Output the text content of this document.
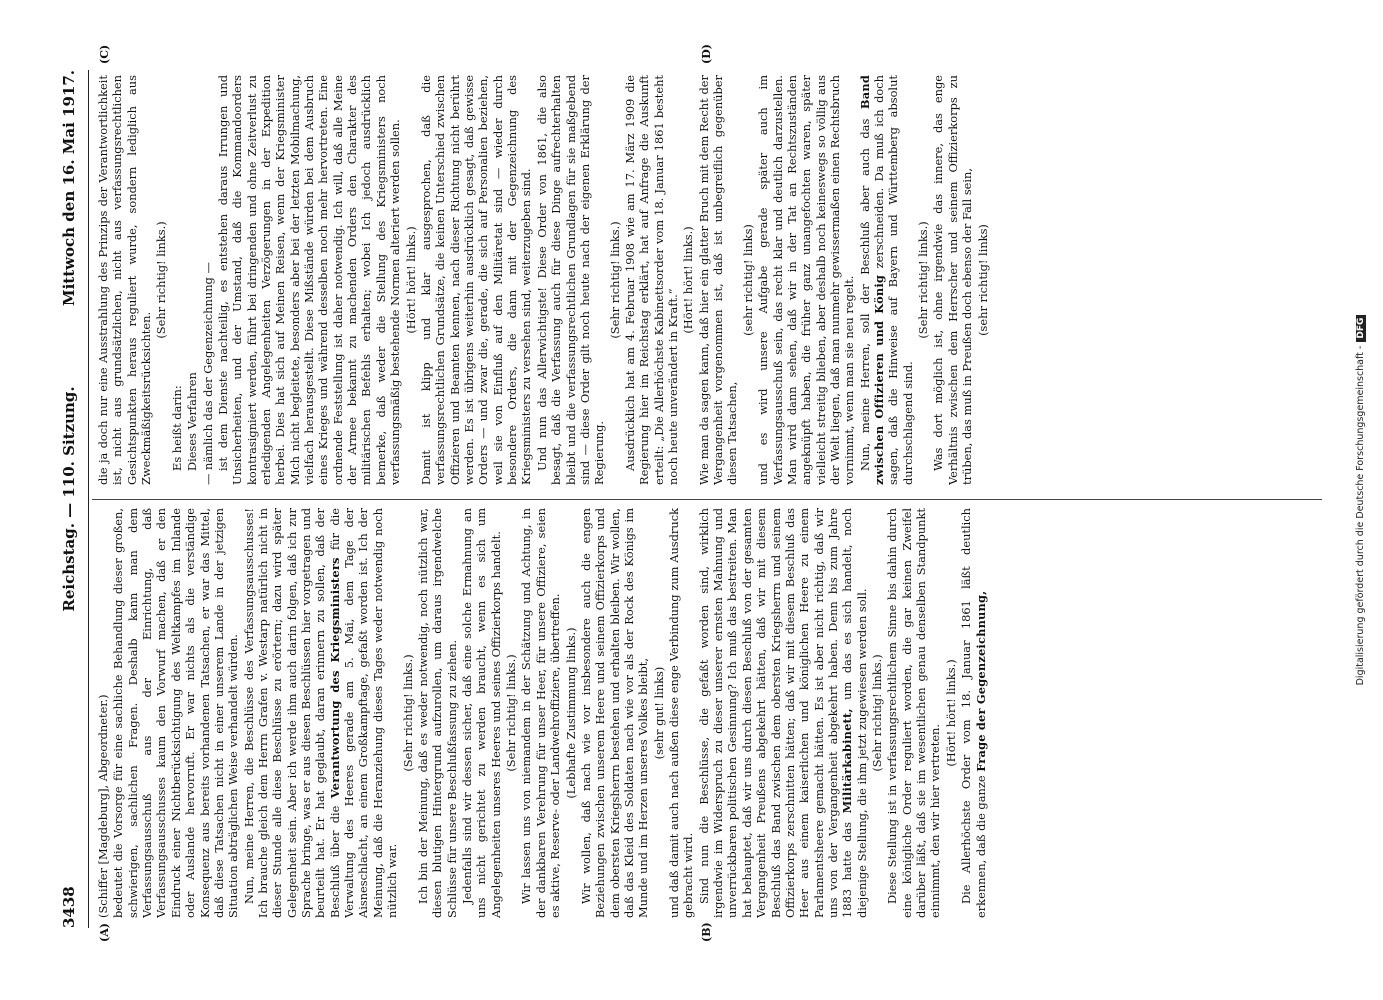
3438
Reichstag. — 110. Sitzung.
Mittwoch den 16. Mai 1917.
(A)	(B)
(C)	(D)

(Schiffer [Magdeburg], Abgeordneter.) bedeutet die Vorsorge für eine sachliche Behandlung dieser großen, schwierigen, sachlichen Fragen. Deshalb kann man dem Verfassungsausschuß aus der Einrichtung, daß Verfassungsausschusses kaum den Vorwurf machen, daß er den Eindruck einer Nichtberücksichtigung des Weltkampfes im Inlande oder Auslande hervorruft. Er war nichts als die verständige Konsequenz aus bereits vorhandenen Tatsachen, er war das Mittel, daß diese Tatsachen nicht in einer unserem Lande in der jetzigen Situation abträglichen Weise verhandelt würden. Nun, meine Herren, die Beschlüsse des Verfassungsausschusses! Ich brauche gleich dem Herrn Grafen v. Westarp natürlich nicht in dieser Stunde alle diese Beschlüsse zu erörtern; dazu wird später Gelegenheit sein. Aber ich werde ihm auch darin folgen, daß ich zur Sprache bringe, was er aus diesen Beschlüssen hier vorgetragen und beurteilt hat. Er hat geglaubt, daran erinnern zu sollen, daß der Beschluß über die Verantwortung des Kriegsministers für die Verwaltung des Heeres gerade am 5. Mai, dem Tage der Aisneschlacht, an einem Großkampftage, gefaßt worden ist. Ich der Meinung, daß die Heranziehung dieses Tages weder notwendig noch nützlich war.

(Sehr richtig! links.) Ich bin der Meinung, daß es weder notwendig, noch nützlich war, diesen blutigen Hintergrund aufzurollen, um daraus irgendwelche Schlüsse für unsere Beschlußfassung zu ziehen. Jedenfalls sind wir dessen sicher, daß eine solche Ermahnung an uns nicht gerichtet zu werden braucht, wenn es sich um Angelegenheiten unseres Heeres und seines Offizierkorps handelt. (Sehr richtig! links.) Wir lassen uns von niemandem in der Schätzung und Achtung, in der dankbaren Verehrung für unser Heer, für unsere Offiziere, seien es aktive, Reserve- oder Landwehroffiziere, übertreffen. (Lebhafte Zustimmung links.) Wir wollen, daß nach wie vor insbesondere auch die engen Beziehungen zwischen unserem Heere und seinem Offizierkorps und dem obersten Kriegsherrn bestehen und erhalten bleiben. Wir wollen, daß das Kleid des Soldaten nach wie vor als der Rock des Königs im Munde und im Herzen unseres Volkes bleibt, (sehr gut! links) und daß damit auch nach außen diese enge Verbindung zum Ausdruck gebracht wird. Sind nun die Beschlüsse, die gefaßt worden sind, wirklich irgendwie im Widerspruch zu dieser unserer ernsten Mahnung und unverrückbaren politischen Gesinnung? Ich muß das bestreiten. Man hat behauptet, daß wir uns durch diesen Beschluß von der gesamten Vergangenheit Preußens abgekehrt hätten, daß wir mit diesem Beschluß das Band zwischen dem obersten Kriegsherrn und seinem Offizierkorps zerschnitten hätten; daß wir mit diesem Beschluß das Heer aus einem kaiserlichen und königlichen Heere zu einem Parlamentsheere gemacht hätten. Es ist aber nicht richtig, daß wir uns von der Vergangenheit abgekehrt haben. Denn bis zum Jahre 1883 hatte das Militärkabinett, um das es sich handelt, noch diejenige Stellung, die ihm jetzt zugewiesen werden soll. (Sehr richtig! links.) Diese Stellung ist in verfassungsrechtlichem Sinne bis dahin durch eine königliche Order reguliert worden, die gar keinen Zweifel darüber läßt, daß sie im wesentlichen genau denselben Standpunkt einnimmt, den wir hier vertreten.

(Hört! hört! links.) Die Allerhöchste Order vom 18. Januar 1861 läßt deutlich erkennen, daß die ganze Frage der Gegenzeichnung,

die ja doch nur eine Ausstrahlung des Prinzips der Verantwortlichkeit ist, nicht aus grundsätzlichen, nicht aus verfassungsrechtlichen Gesichtspunkten heraus reguliert wurde, sondern lediglich aus Zweckmäßigkeitsrücksichten.

(Sehr richtig! links.)

Es heißt darin: Dieses Verfahren — nämlich das der Gegenzeichnung — ist dem Dienste nachteilig, es entstehen daraus Irrungen und Unsicherheiten, und der Umstand, daß die Kommandoorders kontrasigniert werden, führt bei dringenden und ohne Zeitverlust zu erledigenden Angelegenheiten Verzögerungen in der Expedition herbei. Dies hat sich auf Meinen Reisen, wenn der Kriegsminister Mich nicht begleitete, besonders aber bei der letzten Mobilmachung, vielfach herausgestellt. Diese Mißstände würden bei dem Ausbruch eines Krieges und während desselben noch mehr hervortreten. Eine ordnende Feststellung ist daher notwendig. Ich will, daß alle Meine der Armee bekannt zu machenden Orders den Charakter des militärischen Befehls erhalten; wobei Ich jedoch ausdrücklich bemerke, daß weder die Stellung des Kriegsministers noch verfassungsmäßig bestehende Normen alteriert werden sollen. (Hört! hört! links.) Damit ist klipp und klar ausgesprochen, daß die verfassungsrechtlichen Grundsätze, die keinen Unterschied zwischen Offizieren und Beamten kennen, nach dieser Richtung nicht berührt werden. Es ist übrigens weiterhin ausdrücklich gesagt, daß gewisse Orders — und zwar die, gerade, die sich auf Personalien beziehen, weil sie von Einfluß auf den Militäretat sind — wieder durch besondere Orders, die dann mit der Gegenzeichnung des Kriegsministers zu versehen sind, weiterzugeben sind. Und nun das Allerwichtigste! Diese Order von 1861, die also besagt, daß die Verfassung auch für diese Dinge aufrechterhalten bleibt und die verfassungsrechtlichen Grundlagen für sie maßgebend sind — diese Order gilt noch heute nach der eigenen Erklärung der Regierung.

(Sehr richtig! links.) Ausdrücklich hat am 4. Februar 1908 wie am 17. März 1909 die Regierung hier im Reichstag erklärt, hat auf Anfrage die Auskunft erteilt: „Die Allerhöchste Kabinettsorder vom 18. Januar 1861 besteht noch heute unverändert in Kraft.“

(Hört! hört! links.) Wie man da sagen kann, daß hier ein glatter Bruch mit dem Recht der Vergangenheit vorgenommen ist, daß ist unbegreiflich gegenüber diesen Tatsachen,

(sehr richtig! links) und es wird unsere Aufgabe gerade später auch im Verfassungsausschuß sein, das recht klar und deutlich darzustellen. Man wird dann sehen, daß wir in der Tat an Rechtszuständen angeknüpft haben, die früher ganz unangefochten waren, später vielleicht streitig blieben, aber deshalb noch keineswegs so völlig aus der Welt liegen, daß man nunmehr gewissermaßen einen Rechtsbruch vornimmt, wenn man sie neu regelt. Nun, meine Herren, soll der Beschluß aber auch das Band zwischen Offizieren und König zerschneiden. Da muß ich doch sagen, daß die Hinweise auf Bayern und Württemberg absolut durchschlagend sind.

(Sehr richtig! links.) Was dort möglich ist, ohne irgendwie das innere, das enge Verhältnis zwischen dem Herrscher und seinem Offizierkorps zu trüben, das muß in Preußen doch ebenso der Fall sein, (sehr richtig! links)

Digitalisierung gefördert durch die Deutsche Forschungsgemeinschaft -DFG
